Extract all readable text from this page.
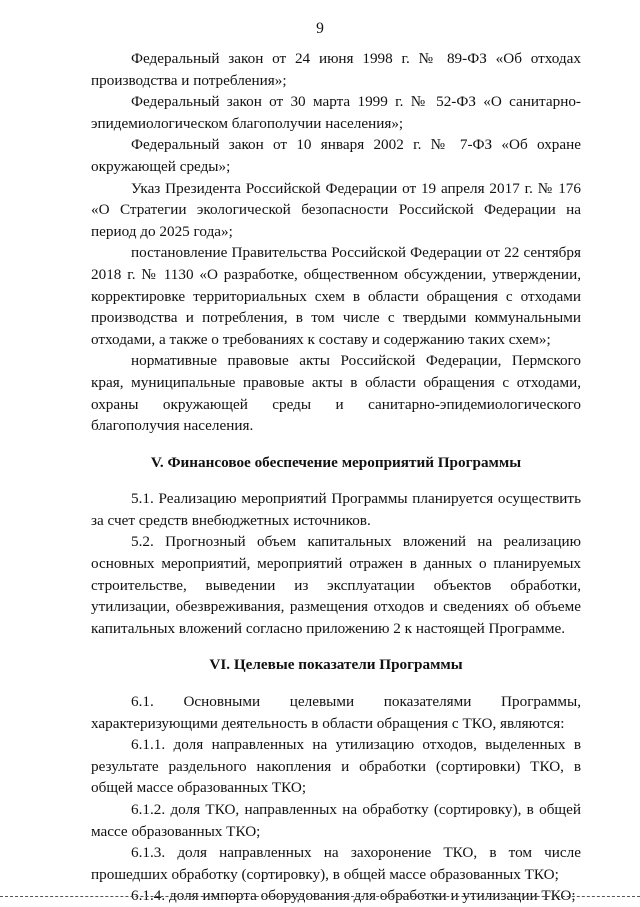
9

Федеральный закон от 24 июня 1998 г. № 89-ФЗ «Об отходах производства и потребления»;

Федеральный закон от 30 марта 1999 г. № 52-ФЗ «О санитарно-эпидемиологическом благополучии населения»;

Федеральный закон от 10 января 2002 г. № 7-ФЗ «Об охране окружающей среды»;

Указ Президента Российской Федерации от 19 апреля 2017 г. № 176 «О Стратегии экологической безопасности Российской Федерации на период до 2025 года»;

постановление Правительства Российской Федерации от 22 сентября 2018 г. № 1130 «О разработке, общественном обсуждении, утверждении, корректировке территориальных схем в области обращения с отходами производства и потребления, в том числе с твердыми коммунальными отходами, а также о требованиях к составу и содержанию таких схем»;

нормативные правовые акты Российской Федерации, Пермского края, муниципальные правовые акты в области обращения с отходами, охраны окружающей среды и санитарно-эпидемиологического благополучия населения.

V. Финансовое обеспечение мероприятий Программы

5.1. Реализацию мероприятий Программы планируется осуществить за счет средств внебюджетных источников.

5.2. Прогнозный объем капитальных вложений на реализацию основных мероприятий, мероприятий отражен в данных о планируемых строительстве, выведении из эксплуатации объектов обработки, утилизации, обезвреживания, размещения отходов и сведениях об объеме капитальных вложений согласно приложению 2 к настоящей Программе.

VI. Целевые показатели Программы

6.1. Основными целевыми показателями Программы, характеризующими деятельность в области обращения с ТКО, являются:

6.1.1. доля направленных на утилизацию отходов, выделенных в результате раздельного накопления и обработки (сортировки) ТКО, в общей массе образованных ТКО;

6.1.2. доля ТКО, направленных на обработку (сортировку), в общей массе образованных ТКО;

6.1.3. доля направленных на захоронение ТКО, в том числе прошедших обработку (сортировку), в общей массе образованных ТКО;

6.1.4. доля импорта оборудования для обработки и утилизации ТКО;
